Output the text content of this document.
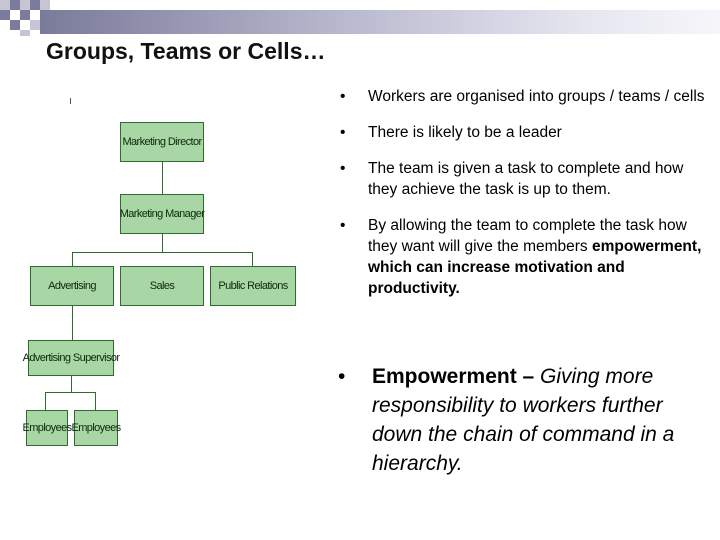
Groups, Teams or Cells…
Marketing Director
Marketing Manager
Advertising	Sales	Public Relations
Advertising Supervisor
Employees Employees
• Workers are organised into groups / teams / cells
• There is likely to be a leader
• The team is given a task to complete and how they achieve the task is up to them.
• By allowing the team to complete the task how they want will give the members empowerment, which can increase motivation and productivity.
•	Empowerment – Giving more responsibility to workers further down the chain of command in a hierarchy.
